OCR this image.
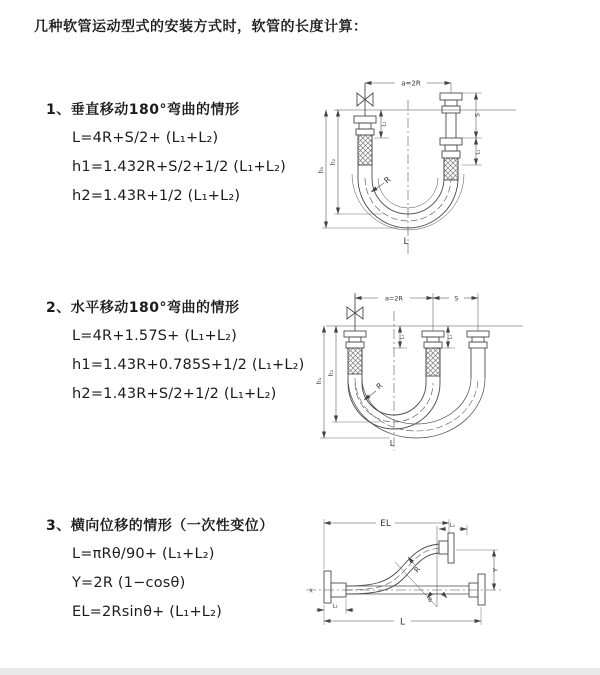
几种软管运动型式的安装方式时，软管的长度计算：
1、垂直移动180°弯曲的情形
L=4R+S/2+ (L₁+L₂)
h1=1.432R+S/2+1/2 (L₁+L₂)
h2=1.43R+1/2 (L₁+L₂)
a=2R
L₁
h₂
h₁
S
L₁
R
L
2、水平移动180°弯曲的情形
L=4R+1.57S+ (L₁+L₂)
h1=1.43R+0.785S+1/2 (L₁+L₂)
h2=1.43R+S/2+1/2 (L₁+L₂)
a=2R	S
h₂
h₁
L₁	L₁
R
L
3、横向位移的情形（一次性变位）
L=πRθ/90+ (L₁+L₂)
Y=2R (1−cosθ)
EL=2Rsinθ+ (L₁+L₂)
EL	L₁
Y
R
θ
L
L₁
X
